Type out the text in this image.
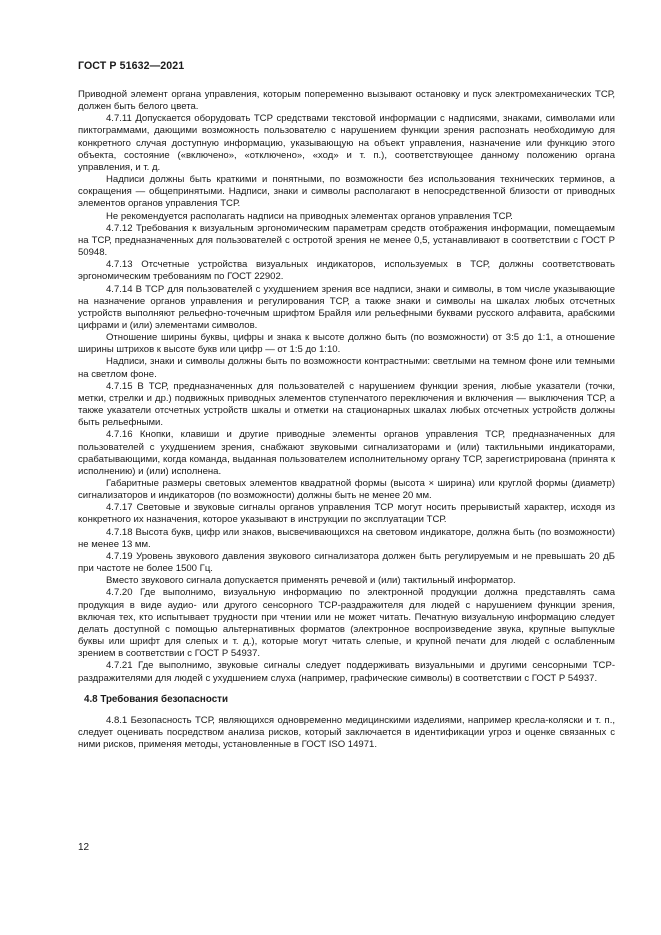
ГОСТ Р 51632—2021

Приводной элемент органа управления, которым попеременно вызывают остановку и пуск электромеханических ТСР, должен быть белого цвета.

4.7.11 Допускается оборудовать ТСР средствами текстовой информации с надписями, знаками, символами или пиктограммами, дающими возможность пользователю с нарушением функции зрения распознать необходимую для конкретного случая доступную информацию, указывающую на объект управления, назначение или функцию этого объекта, состояние («включено», «отключено», «ход» и т. п.), соответствующее данному положению органа управления, и т. д.

Надписи должны быть краткими и понятными, по возможности без использования технических терминов, а сокращения — общепринятыми. Надписи, знаки и символы располагают в непосредственной близости от приводных элементов органов управления ТСР.

Не рекомендуется располагать надписи на приводных элементах органов управления ТСР.

4.7.12 Требования к визуальным эргономическим параметрам средств отображения информации, помещаемым на ТСР, предназначенных для пользователей с остротой зрения не менее 0,5, устанавливают в соответствии с ГОСТ Р 50948.

4.7.13 Отсчетные устройства визуальных индикаторов, используемых в ТСР, должны соответствовать эргономическим требованиям по ГОСТ 22902.

4.7.14 В ТСР для пользователей с ухудшением зрения все надписи, знаки и символы, в том числе указывающие на назначение органов управления и регулирования ТСР, а также знаки и символы на шкалах любых отсчетных устройств выполняют рельефно-точечным шрифтом Брайля или рельефными буквами русского алфавита, арабскими цифрами и (или) элементами символов.

Отношение ширины буквы, цифры и знака к высоте должно быть (по возможности) от 3:5 до 1:1, а отношение ширины штрихов к высоте букв или цифр — от 1:5 до 1:10.

Надписи, знаки и символы должны быть по возможности контрастными: светлыми на темном фоне или темными на светлом фоне.

4.7.15 В ТСР, предназначенных для пользователей с нарушением функции зрения, любые указатели (точки, метки, стрелки и др.) подвижных приводных элементов ступенчатого переключения и включения — выключения ТСР, а также указатели отсчетных устройств шкалы и отметки на стационарных шкалах любых отсчетных устройств должны быть рельефными.

4.7.16 Кнопки, клавиши и другие приводные элементы органов управления ТСР, предназначенных для пользователей с ухудшением зрения, снабжают звуковыми сигнализаторами и (или) тактильными индикаторами, срабатывающими, когда команда, выданная пользователем исполнительному органу ТСР, зарегистрирована (принята к исполнению) и (или) исполнена.

Габаритные размеры световых элементов квадратной формы (высота × ширина) или круглой формы (диаметр) сигнализаторов и индикаторов (по возможности) должны быть не менее 20 мм.

4.7.17 Световые и звуковые сигналы органов управления ТСР могут носить прерывистый характер, исходя из конкретного их назначения, которое указывают в инструкции по эксплуатации ТСР.

4.7.18 Высота букв, цифр или знаков, высвечивающихся на световом индикаторе, должна быть (по возможности) не менее 13 мм.

4.7.19 Уровень звукового давления звукового сигнализатора должен быть регулируемым и не превышать 20 дБ при частоте не более 1500 Гц.

Вместо звукового сигнала допускается применять речевой и (или) тактильный информатор.

4.7.20 Где выполнимо, визуальную информацию по электронной продукции должна представлять сама продукция в виде аудио- или другого сенсорного ТСР-раздражителя для людей с нарушением функции зрения, включая тех, кто испытывает трудности при чтении или не может читать. Печатную визуальную информацию следует делать доступной с помощью альтернативных форматов (электронное воспроизведение звука, крупные выпуклые буквы или шрифт для слепых и т. д.), которые могут читать слепые, и крупной печати для людей с ослабленным зрением в соответствии с ГОСТ Р 54937.

4.7.21 Где выполнимо, звуковые сигналы следует поддерживать визуальными и другими сенсорными ТСР-раздражителями для людей с ухудшением слуха (например, графические символы) в соответствии с ГОСТ Р 54937.

4.8 Требования безопасности

4.8.1 Безопасность ТСР, являющихся одновременно медицинскими изделиями, например кресла-коляски и т. п., следует оценивать посредством анализа рисков, который заключается в идентификации угроз и оценке связанных с ними рисков, применяя методы, установленные в ГОСТ ISO 14971.

12
